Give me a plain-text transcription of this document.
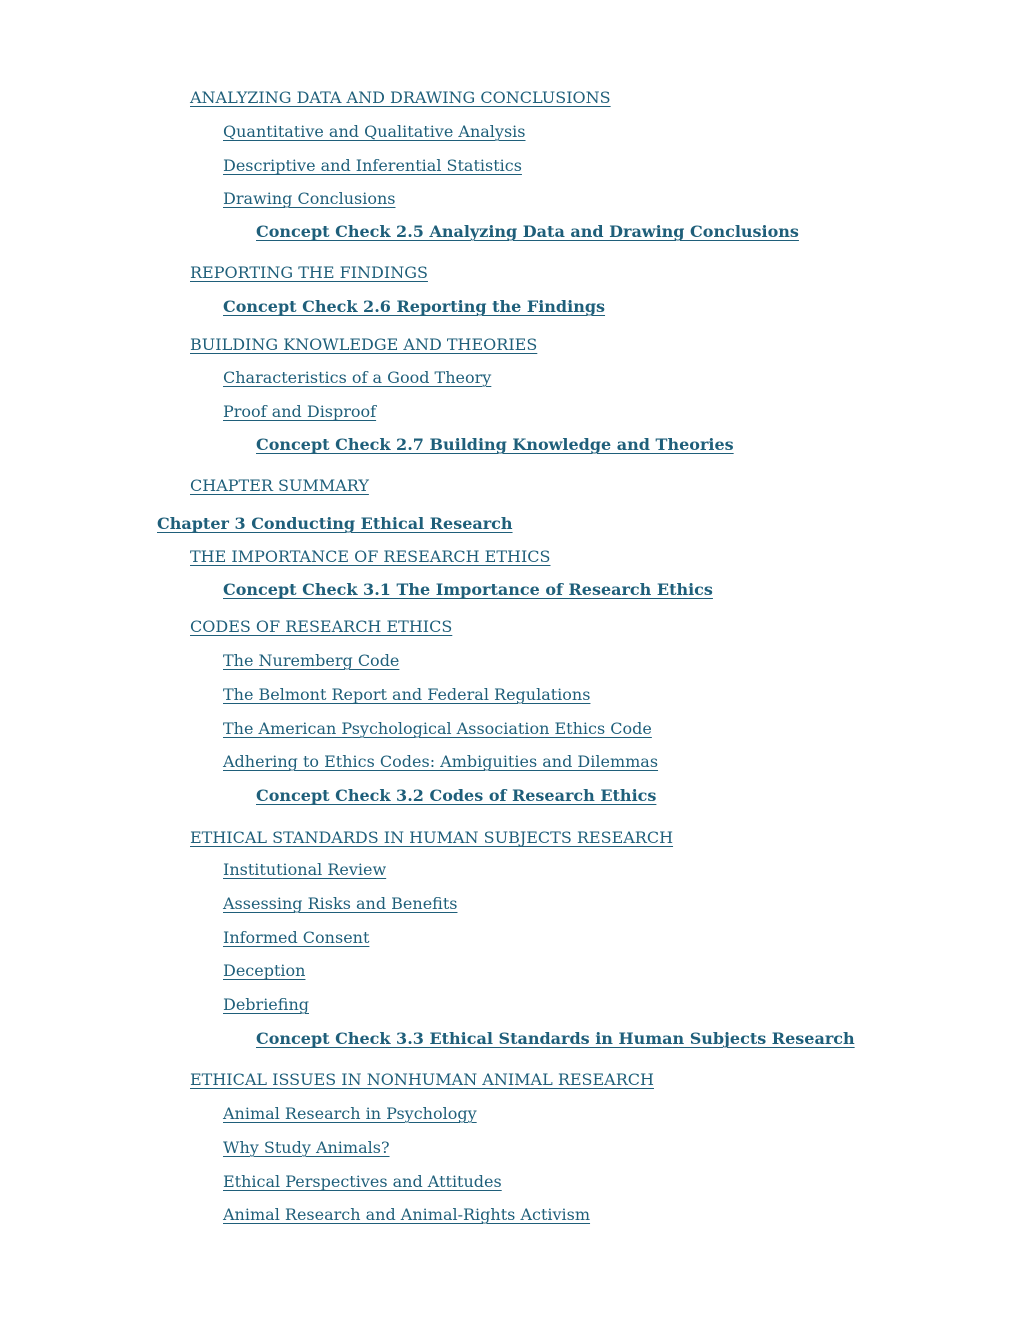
ANALYZING DATA AND DRAWING CONCLUSIONS
Quantitative and Qualitative Analysis
Descriptive and Inferential Statistics
Drawing Conclusions
Concept Check 2.5 Analyzing Data and Drawing Conclusions
REPORTING THE FINDINGS
Concept Check 2.6 Reporting the Findings
BUILDING KNOWLEDGE AND THEORIES
Characteristics of a Good Theory
Proof and Disproof
Concept Check 2.7 Building Knowledge and Theories
CHAPTER SUMMARY
Chapter 3 Conducting Ethical Research
THE IMPORTANCE OF RESEARCH ETHICS
Concept Check 3.1 The Importance of Research Ethics
CODES OF RESEARCH ETHICS
The Nuremberg Code
The Belmont Report and Federal Regulations
The American Psychological Association Ethics Code
Adhering to Ethics Codes: Ambiguities and Dilemmas
Concept Check 3.2 Codes of Research Ethics
ETHICAL STANDARDS IN HUMAN SUBJECTS RESEARCH
Institutional Review
Assessing Risks and Benefits
Informed Consent
Deception
Debriefing
Concept Check 3.3 Ethical Standards in Human Subjects Research
ETHICAL ISSUES IN NONHUMAN ANIMAL RESEARCH
Animal Research in Psychology
Why Study Animals?
Ethical Perspectives and Attitudes
Animal Research and Animal-Rights Activism
